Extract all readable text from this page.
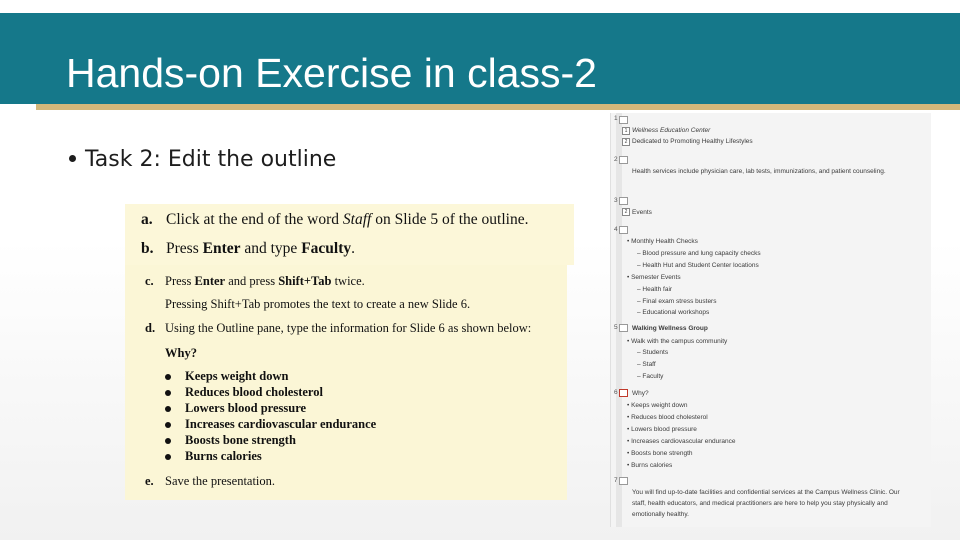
Hands-on Exercise in class-2
Task 2: Edit the outline
a. Click at the end of the word Staff on Slide 5 of the outline.
b. Press Enter and type Faculty.
c. Press Enter and press Shift+Tab twice.
Pressing Shift+Tab promotes the text to create a new Slide 6.
d. Using the Outline pane, type the information for Slide 6 as shown below:
Why?
Keeps weight down
Reduces blood cholesterol
Lowers blood pressure
Increases cardiovascular endurance
Boosts bone strength
Burns calories
e. Save the presentation.
1
1 Wellness Education Center
2 Dedicated to Promoting Healthy Lifestyles
2
Health services include physician care, lab tests, immunizations, and patient counseling.
3
2 Events
4
• Monthly Health Checks
– Blood pressure and lung capacity checks
– Health Hut and Student Center locations
• Semester Events
– Health fair
– Final exam stress busters
– Educational workshops
5 Walking Wellness Group
• Walk with the campus community
– Students
– Staff
– Faculty
6 Why?
• Keeps weight down
• Reduces blood cholesterol
• Lowers blood pressure
• Increases cardiovascular endurance
• Boosts bone strength
• Burns calories
7
You will find up-to-date facilities and confidential services at the Campus Wellness Clinic. Our
staff, health educators, and medical practitioners are here to help you stay physically and
emotionally healthy.
